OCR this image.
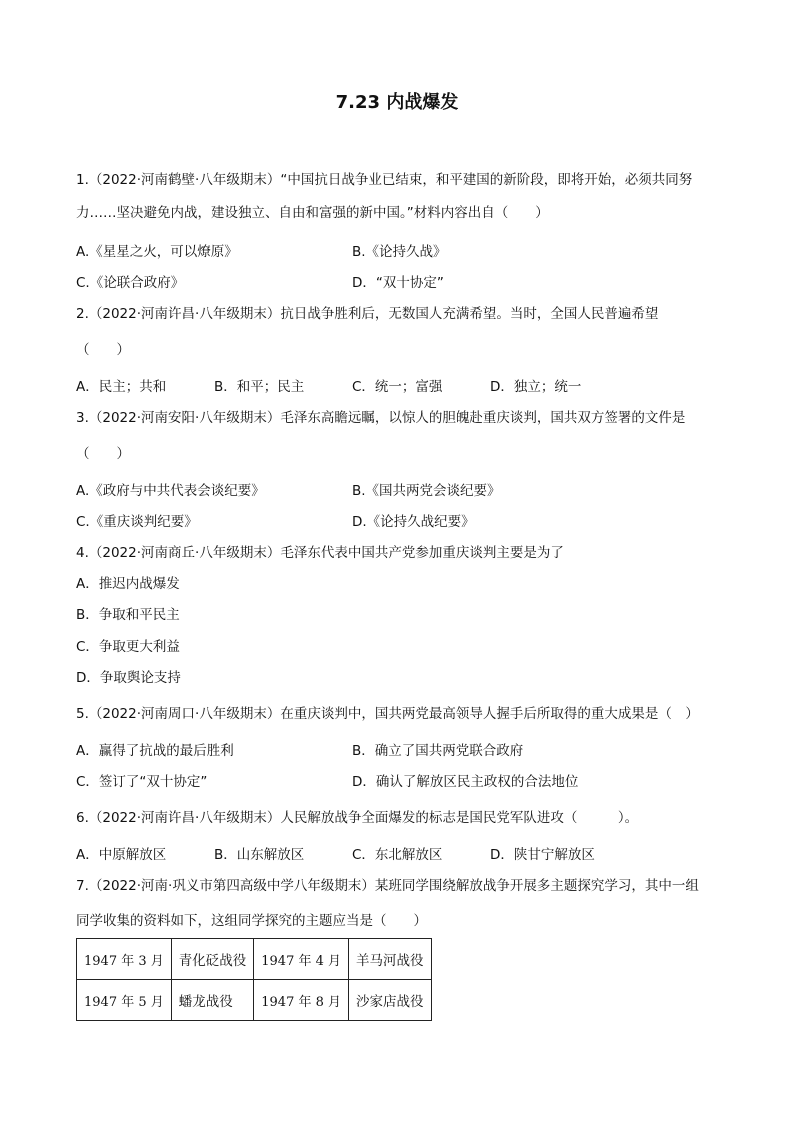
7.23 内战爆发
1.（2022·河南鹤壁·八年级期末）“中国抗日战争业已结束，和平建国的新阶段，即将开始，必须共同努
力……坚决避免内战，建设独立、自由和富强的新中国。”材料内容出自（　　）
A.《星星之火，可以燎原》	B.《论持久战》
C.《论联合政府》	D．“双十协定”
2.（2022·河南许昌·八年级期末）抗日战争胜利后，无数国人充满希望。当时，全国人民普遍希望
（　　）
A．民主；共和	B．和平；民主	C．统一；富强	D．独立；统一
3.（2022·河南安阳·八年级期末）毛泽东高瞻远瞩，以惊人的胆魄赴重庆谈判，国共双方签署的文件是
（　　）
A.《政府与中共代表会谈纪要》	B.《国共两党会谈纪要》
C.《重庆谈判纪要》	D.《论持久战纪要》
4.（2022·河南商丘·八年级期末）毛泽东代表中国共产党参加重庆谈判主要是为了
A．推迟内战爆发
B．争取和平民主
C．争取更大利益
D．争取舆论支持
5.（2022·河南周口·八年级期末）在重庆谈判中，国共两党最高领导人握手后所取得的重大成果是（　）
A．赢得了抗战的最后胜利	B．确立了国共两党联合政府
C．签订了“双十协定”	D．确认了解放区民主政权的合法地位
6.（2022·河南许昌·八年级期末）人民解放战争全面爆发的标志是国民党军队进攻（　　　）。
A．中原解放区	B．山东解放区	C．东北解放区	D．陕甘宁解放区
7.（2022·河南·巩义市第四高级中学八年级期末）某班同学围绕解放战争开展多主题探究学习，其中一组
同学收集的资料如下，这组同学探究的主题应当是（　　）
1947 年 3 月	青化砭战役	1947 年 4 月	羊马河战役
1947 年 5 月	蟠龙战役	1947 年 8 月	沙家店战役
